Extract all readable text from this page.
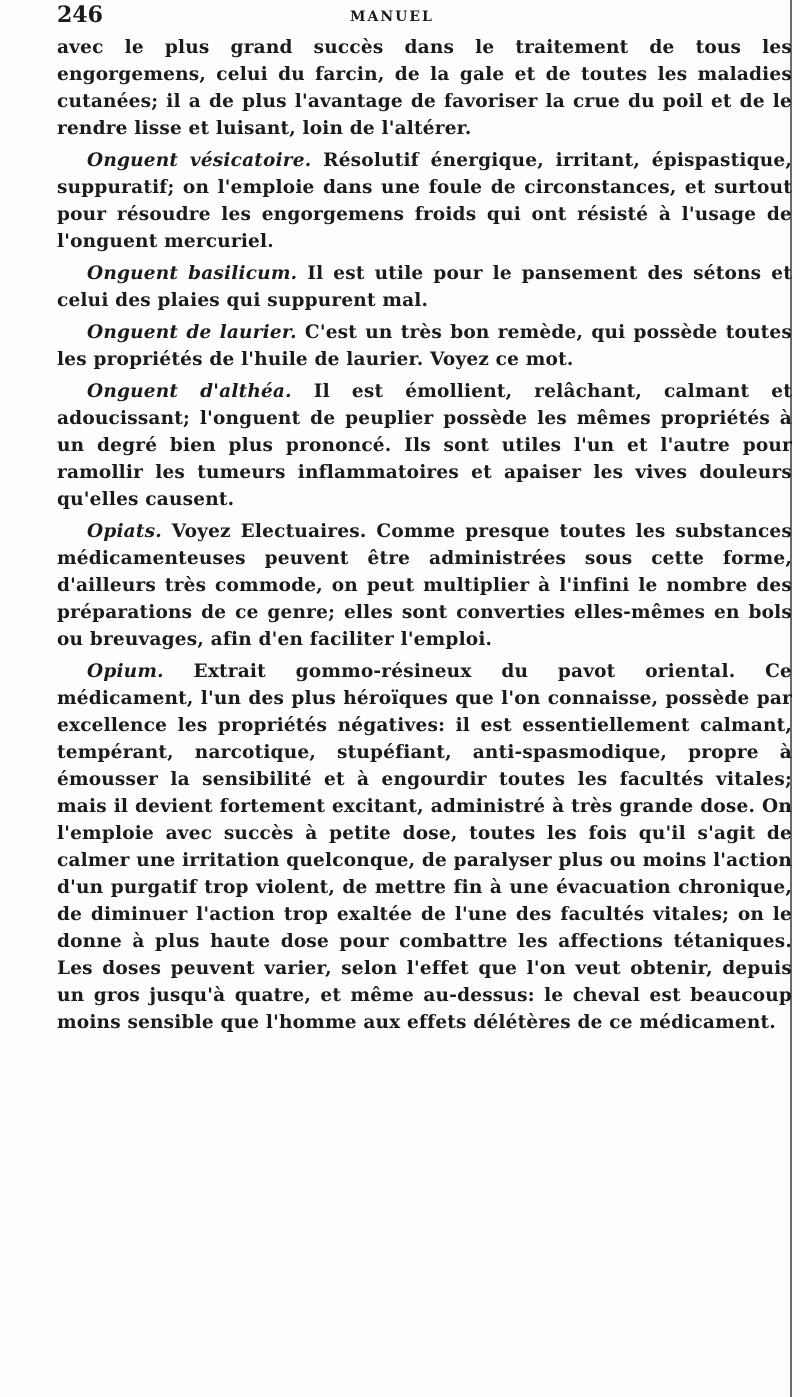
246	MANUEL

avec le plus grand succès dans le traitement de tous les engorgemens, celui du farcin, de la gale et de toutes les maladies cutanées; il a de plus l'avantage de favoriser la crue du poil et de le rendre lisse et luisant, loin de l'altérer.

Onguent vésicatoire. Résolutif énergique, irritant, épispastique, suppuratif; on l'emploie dans une foule de circonstances, et surtout pour résoudre les engorgemens froids qui ont résisté à l'usage de l'onguent mercuriel.

Onguent basilicum. Il est utile pour le pansement des sétons et celui des plaies qui suppurent mal.

Onguent de laurier. C'est un très bon remède, qui possède toutes les propriétés de l'huile de laurier. Voyez ce mot.

Onguent d'althéa. Il est émollient, relâchant, calmant et adoucissant; l'onguent de peuplier possède les mêmes propriétés à un degré bien plus prononcé. Ils sont utiles l'un et l'autre pour ramollir les tumeurs inflammatoires et apaiser les vives douleurs qu'elles causent.

Opiats. Voyez Electuaires. Comme presque toutes les substances médicamenteuses peuvent être administrées sous cette forme, d'ailleurs très commode, on peut multiplier à l'infini le nombre des préparations de ce genre; elles sont converties elles-mêmes en bols ou breuvages, afin d'en faciliter l'emploi.

Opium. Extrait gommo-résineux du pavot oriental. Ce médicament, l'un des plus héroïques que l'on connaisse, possède par excellence les propriétés négatives: il est essentiellement calmant, tempérant, narcotique, stupéfiant, anti-spasmodique, propre à émousser la sensibilité et à engourdir toutes les facultés vitales; mais il devient fortement excitant, administré à très grande dose. On l'emploie avec succès à petite dose, toutes les fois qu'il s'agit de calmer une irritation quelconque, de paralyser plus ou moins l'action d'un purgatif trop violent, de mettre fin à une évacuation chronique, de diminuer l'action trop exaltée de l'une des facultés vitales; on le donne à plus haute dose pour combattre les affections tétaniques. Les doses peuvent varier, selon l'effet que l'on veut obtenir, depuis un gros jusqu'à quatre, et même au-dessus: le cheval est beaucoup moins sensible que l'homme aux effets délétères de ce médicament.
